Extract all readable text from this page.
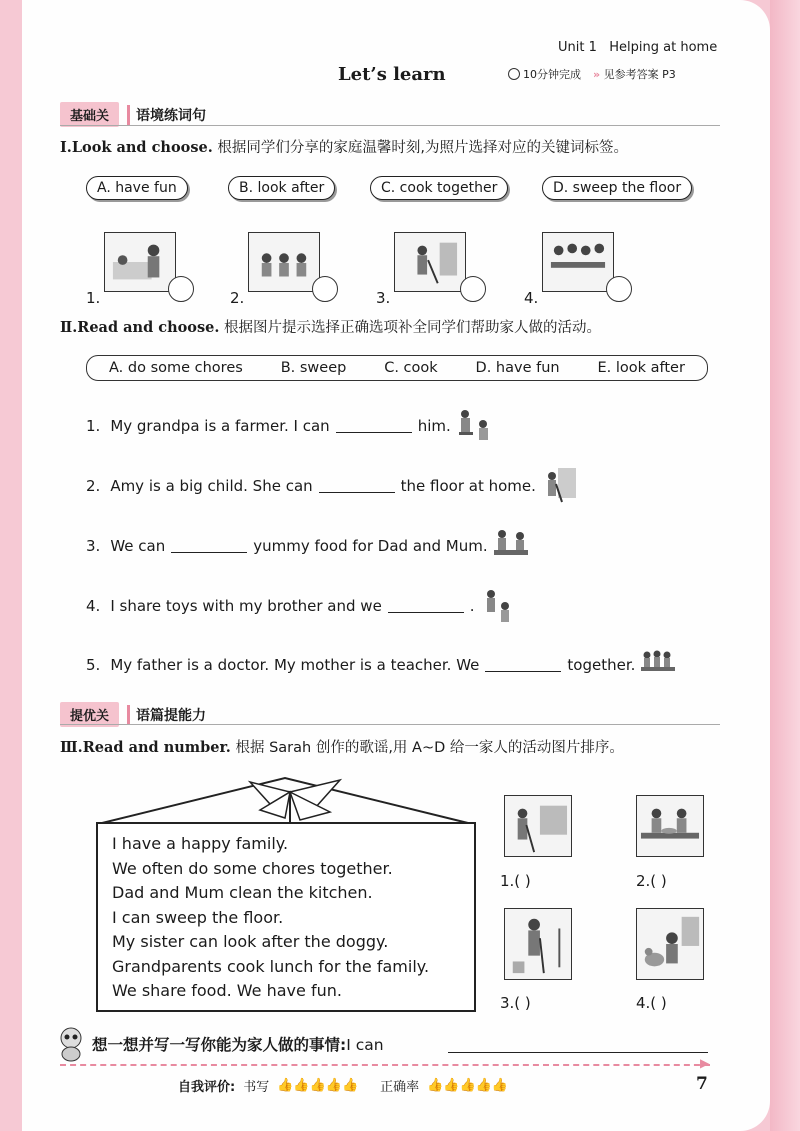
Unit 1 Helping at home
Let’s learn	10分钟完成 » 见参考答案 P3
基础关	语境练词句
Ⅰ.Look and choose. 根据同学们分享的家庭温馨时刻,为照片选择对应的关键词标签。
A. have fun	B. look after	C. cook together	D. sweep the floor
1.	2.	3.	4.
Ⅱ.Read and choose. 根据图片提示选择正确选项补全同学们帮助家人做的活动。
A. do some chores	B. sweep	C. cook	D. have fun	E. look after
1. My grandpa is a farmer. I can	him.
2. Amy is a big child. She can	the floor at home.
3. We can	yummy food for Dad and Mum.
4. I share toys with my brother and we	.
5. My father is a doctor. My mother is a teacher. We	together.
提优关	语篇提能力
Ⅲ.Read and number. 根据 Sarah 创作的歌谣,用 A~D 给一家人的活动图片排序。
I have a happy family.
We often do some chores together.
Dad and Mum clean the kitchen.
I can sweep the floor.
My sister can look after the doggy.
Grandparents cook lunch for the family.
We share food. We have fun.
1.( )	2.( )
3.( )	4.( )
想一想并写一写你能为家人做的事情:I can
▶
自我评价: 书写 👍👍👍👍👍 正确率 👍👍👍👍👍	7
